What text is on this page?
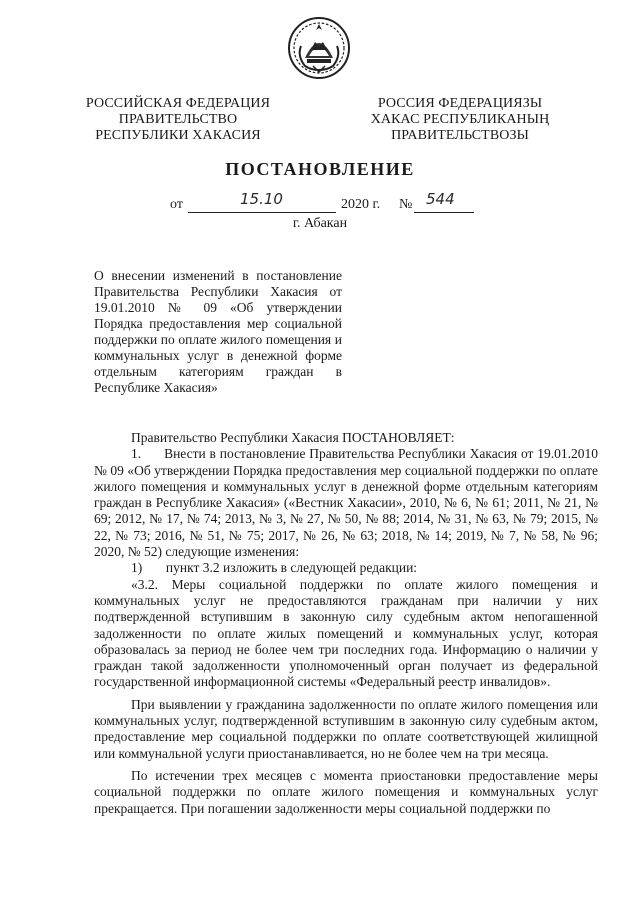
РОССИЙСКАЯ ФЕДЕРАЦИЯ
ПРАВИТЕЛЬСТВО
РЕСПУБЛИКИ ХАКАСИЯ
РОССИЯ ФЕДЕРАЦИЯЗЫ
ХАКАС РЕСПУБЛИКАНЫҢ
ПРАВИТЕЛЬСТВОЗЫ
ПОСТАНОВЛЕНИЕ
от	15.10	2020 г. № 544
г. Абакан
О внесении изменений в постановление Правительства Республики Хакасия от 19.01.2010 № 09 «Об утверждении Порядка предоставления мер социальной поддержки по оплате жилого помещения и коммунальных услуг в денежной форме отдельным категориям граждан в Республике Хакасия»

Правительство Республики Хакасия ПОСТАНОВЛЯЕТ:

1.      Внести в постановление Правительства Республики Хакасия от 19.01.2010 № 09 «Об утверждении Порядка предоставления мер социальной поддержки по оплате жилого помещения и коммунальных услуг в денежной форме отдельным категориям граждан в Республике Хакасия» («Вестник Хакасии», 2010, № 6, № 61; 2011, № 21, № 69; 2012, № 17, № 74; 2013, № 3, № 27, № 50, № 88; 2014, № 31, № 63, № 79; 2015, № 22, № 73; 2016, № 51, № 75; 2017, № 26, № 63; 2018, № 14; 2019, № 7, № 58, № 96; 2020, № 52) следующие изменения:

1)       пункт 3.2 изложить в следующей редакции:

«3.2. Меры социальной поддержки по оплате жилого помещения и коммунальных услуг не предоставляются гражданам при наличии у них подтвержденной вступившим в законную силу судебным актом непогашенной задолженности по оплате жилых помещений и коммунальных услуг, которая образовалась за период не более чем три последних года. Информацию о наличии у граждан такой задолженности уполномоченный орган получает из федеральной государственной информационной системы «Федеральный реестр инвалидов».

При выявлении у гражданина задолженности по оплате жилого помещения или коммунальных услуг, подтвержденной вступившим в законную силу судебным актом, предоставление мер социальной поддержки по оплате соответствующей жилищной или коммунальной услуги приостанавливается, но не более чем на три месяца.

По истечении трех месяцев с момента приостановки предоставление меры социальной поддержки по оплате жилого помещения и коммунальных услуг прекращается. При погашении задолженности меры социальной поддержки по
